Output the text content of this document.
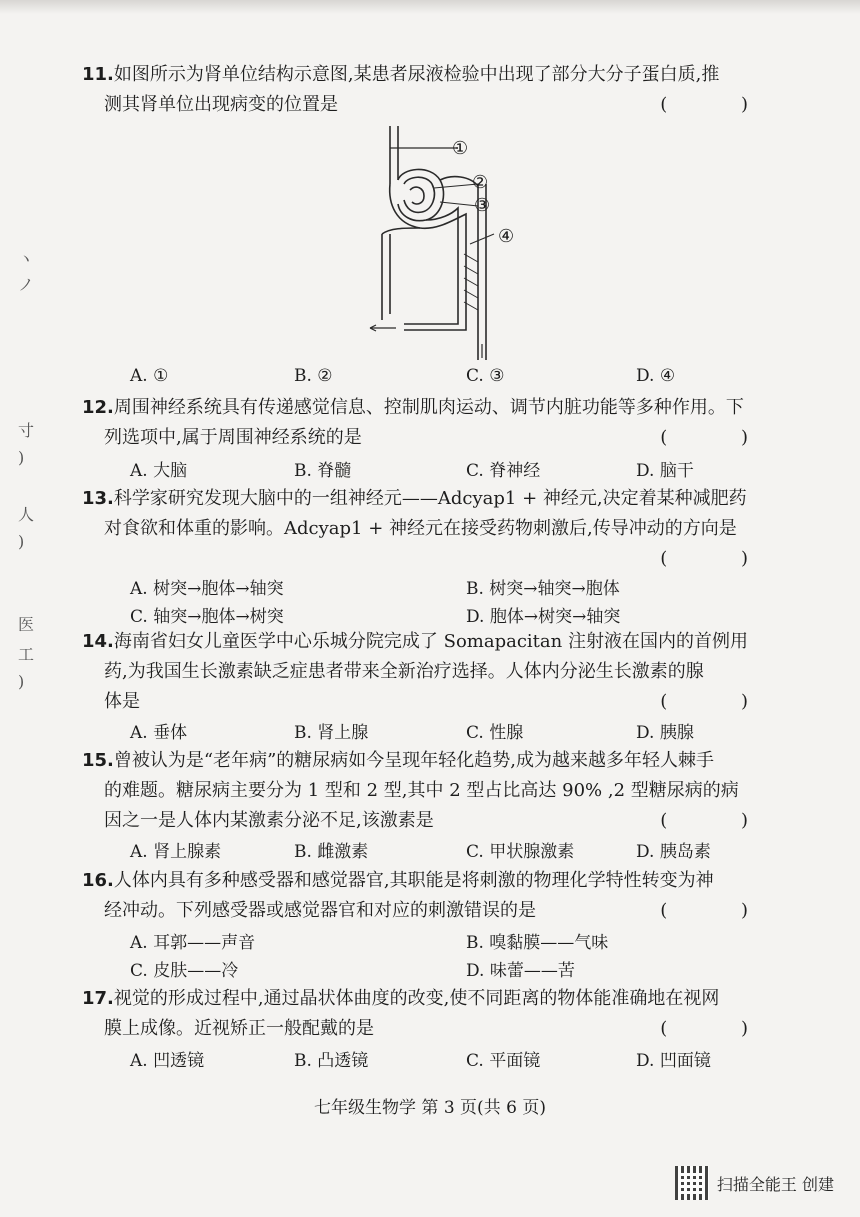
ヽ
ノ
寸
)
人
)
医
工
)
11.如图所示为肾单位结构示意图,某患者尿液检验中出现了部分大分子蛋白质,推
测其肾单位出现病变的位置是	( )
①
②
③
④
A. ①	B. ②	C. ③	D. ④
12.周围神经系统具有传递感觉信息、控制肌肉运动、调节内脏功能等多种作用。下
列选项中,属于周围神经系统的是	( )
A. 大脑	B. 脊髓	C. 脊神经	D. 脑干
13.科学家研究发现大脑中的一组神经元——Adcyap1 + 神经元,决定着某种减肥药
对食欲和体重的影响。Adcyap1 + 神经元在接受药物刺激后,传导冲动的方向是
( )
A. 树突→胞体→轴突	B. 树突→轴突→胞体
C. 轴突→胞体→树突	D. 胞体→树突→轴突
14.海南省妇女儿童医学中心乐城分院完成了 Somapacitan 注射液在国内的首例用
药,为我国生长激素缺乏症患者带来全新治疗选择。人体内分泌生长激素的腺
体是	( )
A. 垂体	B. 肾上腺	C. 性腺	D. 胰腺
15.曾被认为是“老年病”的糖尿病如今呈现年轻化趋势,成为越来越多年轻人棘手
的难题。糖尿病主要分为 1 型和 2 型,其中 2 型占比高达 90% ,2 型糖尿病的病
因之一是人体内某激素分泌不足,该激素是	( )
A. 肾上腺素	B. 雌激素	C. 甲状腺激素	D. 胰岛素
16.人体内具有多种感受器和感觉器官,其职能是将刺激的物理化学特性转变为神
经冲动。下列感受器或感觉器官和对应的刺激错误的是	( )
A. 耳郭——声音	B. 嗅黏膜——气味
C. 皮肤——冷	D. 味蕾——苦
17.视觉的形成过程中,通过晶状体曲度的改变,使不同距离的物体能准确地在视网
膜上成像。近视矫正一般配戴的是	( )
A. 凹透镜	B. 凸透镜	C. 平面镜	D. 凹面镜
七年级生物学 第 3 页(共 6 页)
扫描全能王 创建
